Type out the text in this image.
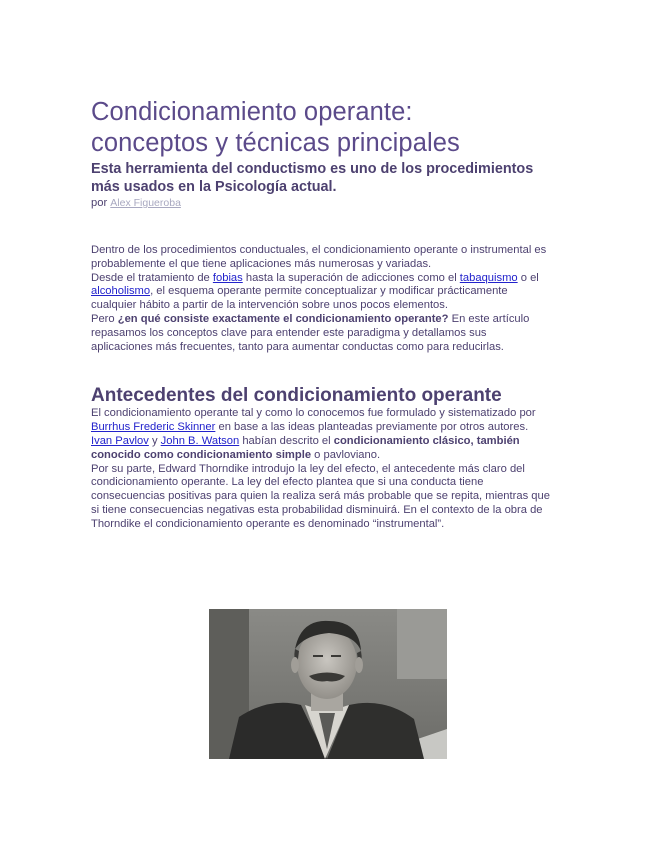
Condicionamiento operante:
conceptos y técnicas principales
Esta herramienta del conductismo es uno de los procedimientos
más usados en la Psicología actual.
por Alex Figueroba

Dentro de los procedimientos conductuales, el condicionamiento operante o instrumental es probablemente el que tiene aplicaciones más numerosas y variadas.

Desde el tratamiento de fobias hasta la superación de adicciones como el tabaquismo o el alcoholismo, el esquema operante permite conceptualizar y modificar prácticamente cualquier hábito a partir de la intervención sobre unos pocos elementos.

Pero ¿en qué consiste exactamente el condicionamiento operante? En este artículo repasamos los conceptos clave para entender este paradigma y detallamos sus aplicaciones más frecuentes, tanto para aumentar conductas como para reducirlas.

Antecedentes del condicionamiento operante

El condicionamiento operante tal y como lo conocemos fue formulado y sistematizado por Burrhus Frederic Skinner en base a las ideas planteadas previamente por otros autores.

Ivan Pavlov y John B. Watson habían descrito el condicionamiento clásico, también conocido como condicionamiento simple o pavloviano.

Por su parte, Edward Thorndike introdujo la ley del efecto, el antecedente más claro del condicionamiento operante. La ley del efecto plantea que si una conducta tiene consecuencias positivas para quien la realiza será más probable que se repita, mientras que si tiene consecuencias negativas esta probabilidad disminuirá. En el contexto de la obra de Thorndike el condicionamiento operante es denominado “instrumental”.
